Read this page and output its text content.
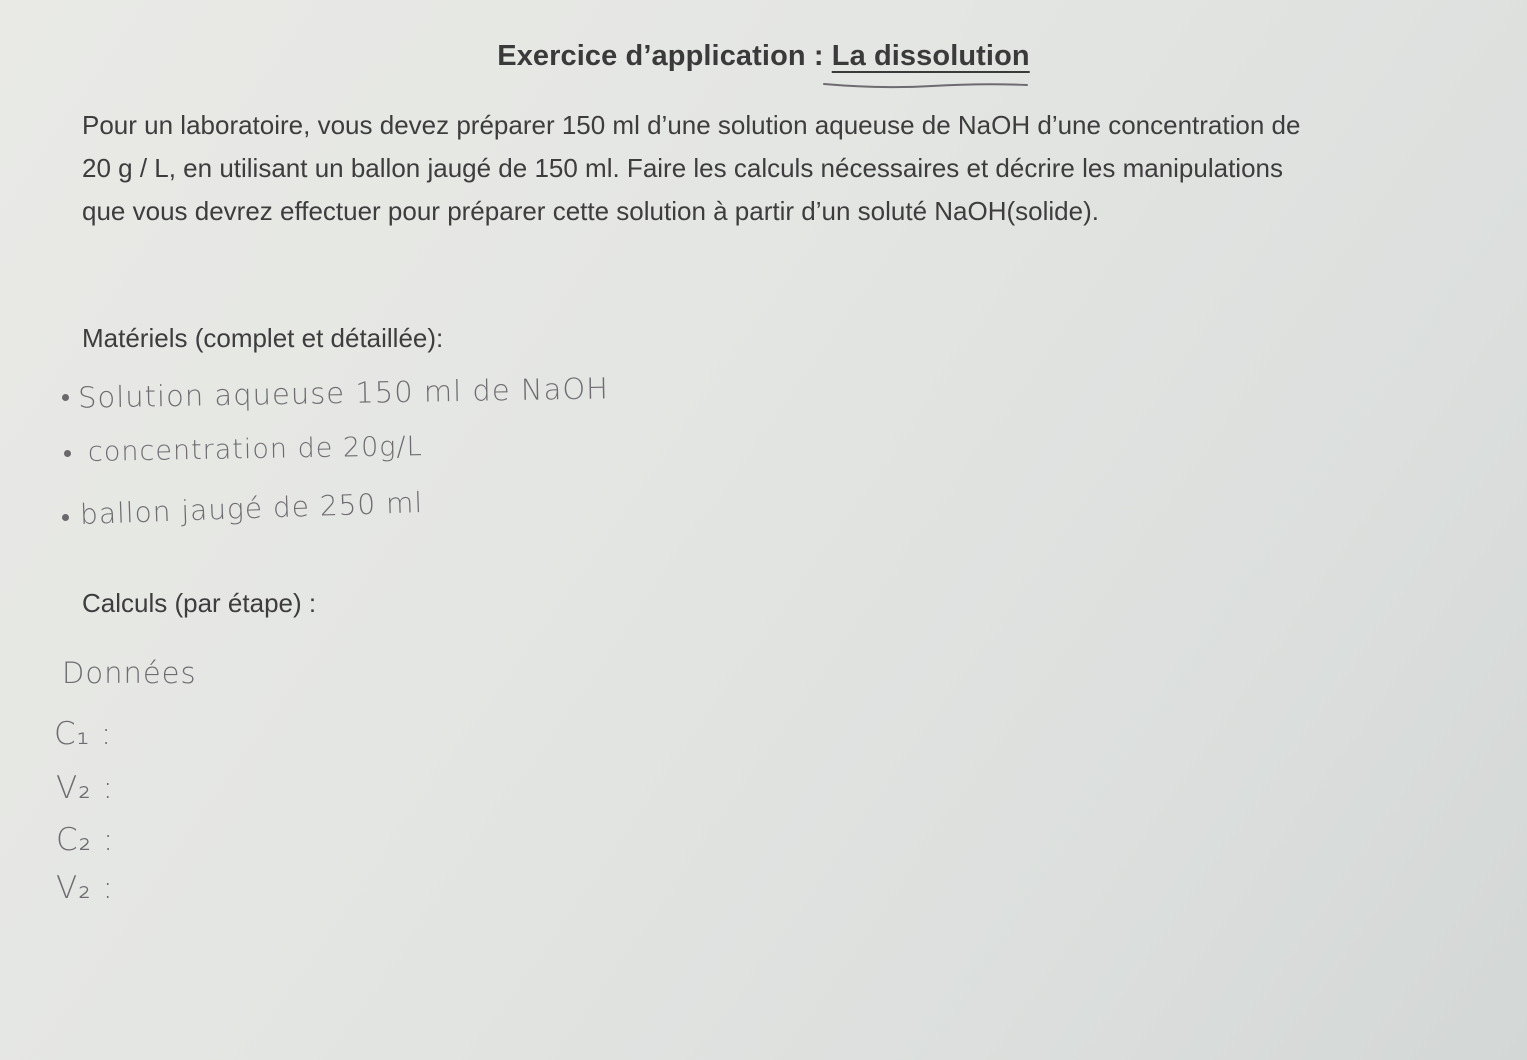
Exercice d’application : La dissolution
Pour un laboratoire, vous devez préparer 150 ml d’une solution aqueuse de NaOH d’une concentration de
20 g / L, en utilisant un ballon jaugé de 150 ml. Faire les calculs nécessaires et décrire les manipulations
que vous devrez effectuer pour préparer cette solution à partir d’un soluté NaOH(solide).
Matériels (complet et détaillée):
Solution aqueuse 150 ml de NaOH
concentration de 20g/L
ballon jaugé de 250 ml
Calculs (par étape) :
Données
C₁ :
V₂ :
C₂ :
V₂ :
